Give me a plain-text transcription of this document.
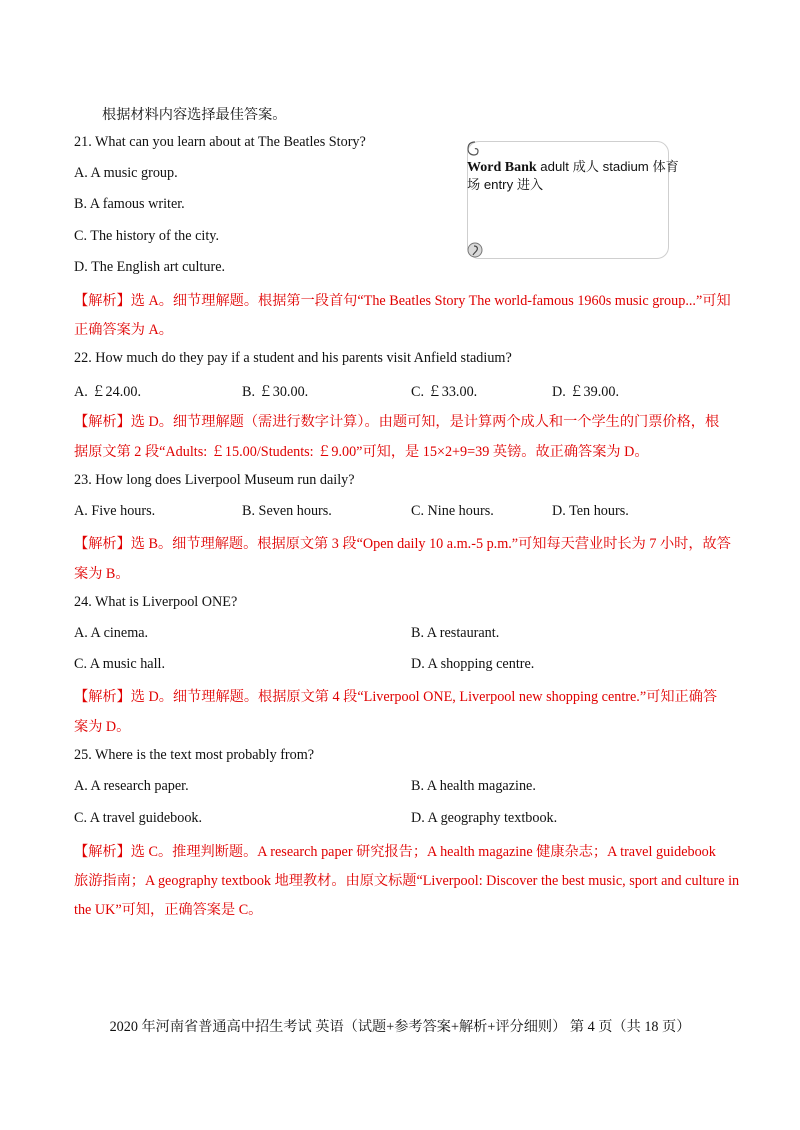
根据材料内容选择最佳答案。
Word Bank adult 成人 stadium 体育
场 entry 进入
21. What can you learn about at The Beatles Story?
A. A music group.
B. A famous writer.
C. The history of the city.
D. The English art culture.
【解析】选 A。细节理解题。根据第一段首句“The Beatles Story The world-famous 1960s music group...”可知
正确答案为 A。
22. How much do they pay if a student and his parents visit Anfield stadium?
A. ￡24.00.	B. ￡30.00.	C. ￡33.00.	D. ￡39.00.
【解析】选 D。细节理解题（需进行数字计算）。由题可知，是计算两个成人和一个学生的门票价格，根
据原文第 2 段“Adults: ￡15.00/Students: ￡9.00”可知，是 15×2+9=39 英镑。故正确答案为 D。
23. How long does Liverpool Museum run daily?
A. Five hours.	B. Seven hours.	C. Nine hours.	D. Ten hours.
【解析】选 B。细节理解题。根据原文第 3 段“Open daily 10 a.m.-5 p.m.”可知每天营业时长为 7 小时，故答
案为 B。
24. What is Liverpool ONE?
A. A cinema.	B. A restaurant.
C. A music hall.	D. A shopping centre.
【解析】选 D。细节理解题。根据原文第 4 段“Liverpool ONE, Liverpool new shopping centre.”可知正确答
案为 D。
25. Where is the text most probably from?
A. A research paper.	B. A health magazine.
C. A travel guidebook.	D. A geography textbook.
【解析】选 C。推理判断题。A research paper 研究报告；A health magazine 健康杂志；A travel guidebook
旅游指南；A geography textbook 地理教材。由原文标题“Liverpool: Discover the best music, sport and culture in
the UK”可知，正确答案是 C。
2020 年河南省普通高中招生考试 英语（试题+参考答案+解析+评分细则） 第 4 页（共 18 页）
